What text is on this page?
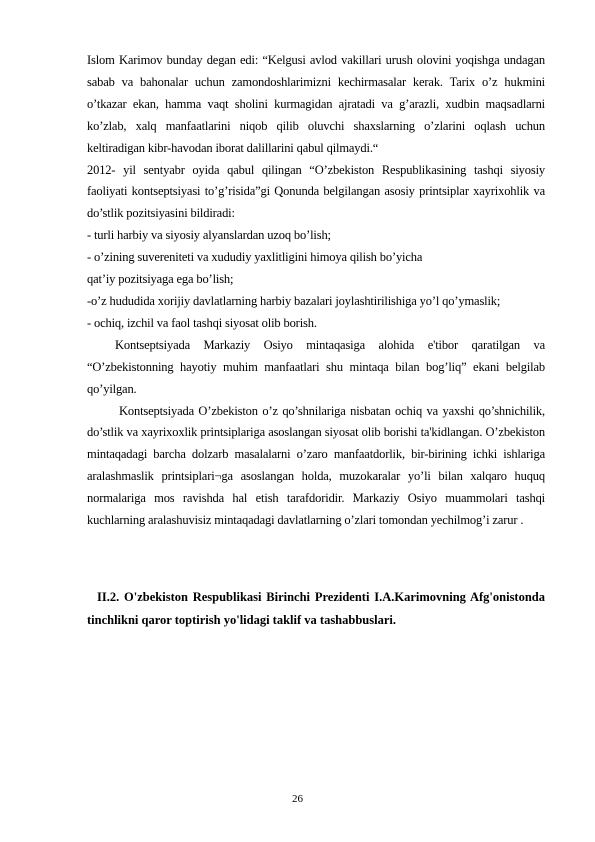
Islom Karimov bunday degan edi: “Kelgusi avlod vakillari urush olovini yoqishga undagan sabab va bahonalar uchun zamondoshlarimizni kechirmasalar kerak. Tarix o’z hukmini o’tkazar ekan, hamma vaqt sholini kurmagidan ajratadi va g’arazli, xudbin maqsadlarni ko’zlab, xalq manfaatlarini niqob qilib oluvchi shaxslarning o’zlarini oqlash uchun keltiradigan kibr-havodan iborat dalillarini qabul qilmaydi.“

2012- yil sentyabr oyida qabul qilingan “O’zbekiston Respublikasining tashqi siyosiy faoliyati kontseptsiyasi to’g’risida”gi Qonunda belgilangan asosiy printsiplar xayrixohlik va do’stlik pozitsiyasini bildiradi:

- turli harbiy va siyosiy alyanslardan uzoq bo’lish;

- o’zining suvereniteti va xududiy yaxlitligini himoya qilish bo’yicha

qat’iy pozitsiyaga ega bo’lish;

-o’z hududida xorijiy davlatlarning harbiy bazalari joylashtirilishiga yo’l qo’ymaslik;

- ochiq, izchil va faol tashqi siyosat olib borish.

Kontseptsiyada Markaziy Osiyo mintaqasiga alohida e'tibor qaratilgan va “O’zbekistonning hayotiy muhim manfaatlari shu mintaqa bilan bog’liq” ekani belgilab qo’yilgan.

Kontseptsiyada O’zbekiston o’z qo’shnilariga nisbatan ochiq va yaxshi qo’shnichilik, do’stlik va xayrixoxlik printsiplariga asoslangan siyosat olib borishi ta'kidlangan. O’zbekiston mintaqadagi barcha dolzarb masalalarni o’zaro manfaatdorlik, bir-birining ichki ishlariga aralashmaslik printsiplari¬ga asoslangan holda, muzokaralar yo’li bilan xalqaro huquq normalariga mos ravishda hal etish tarafdoridir. Markaziy Osiyo muammolari tashqi kuchlarning aralashuvisiz mintaqadagi davlatlarning o’zlari tomondan yechilmog’i zarur .

II.2. O'zbekiston Respublikasi Birinchi Prezidenti I.A.Karimovning Afg'onistonda tinchlikni qaror toptirish yo'lidagi taklif va tashabbuslari.

26
